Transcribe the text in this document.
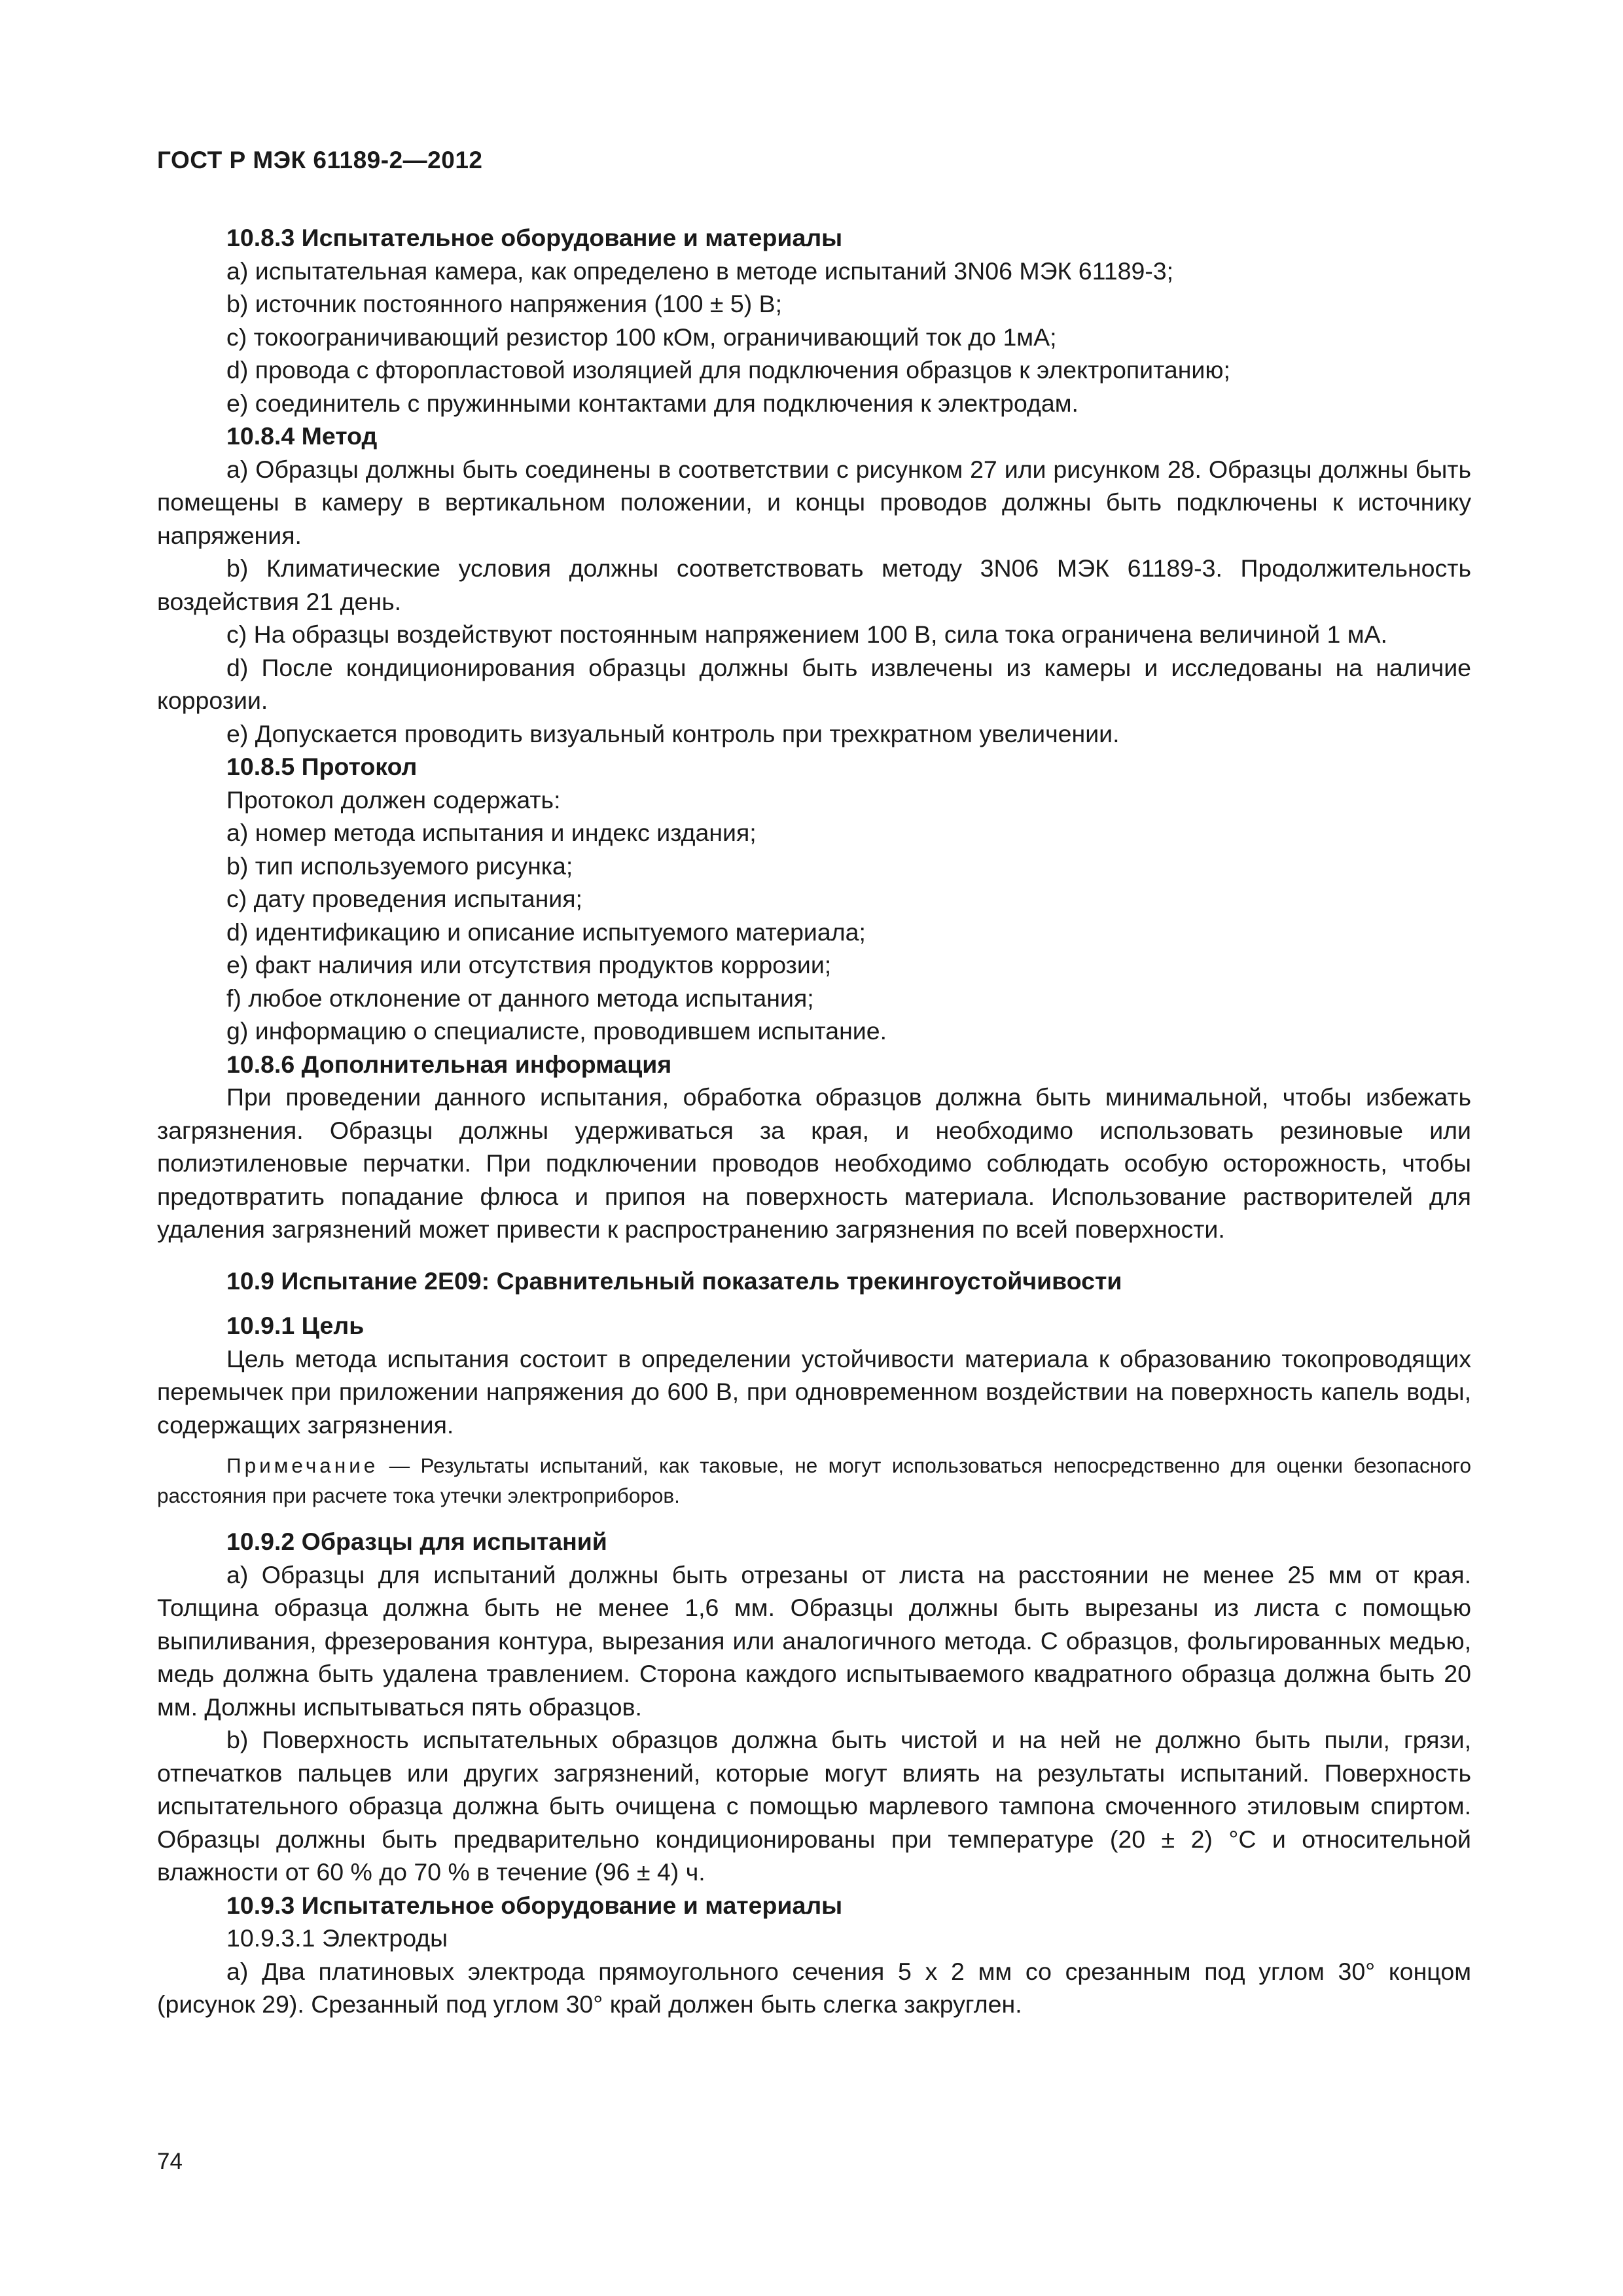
ГОСТ Р МЭК 61189-2—2012

10.8.3 Испытательное оборудование и материалы

a) испытательная камера, как определено в методе испытаний 3N06 МЭК 61189-3;

b) источник постоянного напряжения (100 ± 5) В;

c) токоограничивающий резистор 100 кОм, ограничивающий ток до 1мА;

d) провода с фторопластовой изоляцией для подключения образцов к электропитанию;

e) соединитель с пружинными контактами для подключения к электродам.

10.8.4 Метод

a) Образцы должны быть соединены в соответствии с рисунком 27 или рисунком 28. Образцы должны быть помещены в камеру в вертикальном положении, и концы проводов должны быть подключены к источнику напряжения.

b) Климатические условия должны соответствовать методу 3N06 МЭК 61189-3. Продолжительность воздействия 21 день.

c) На образцы воздействуют постоянным напряжением 100 В, сила тока ограничена величиной 1 мА.

d) После кондиционирования образцы должны быть извлечены из камеры и исследованы на наличие коррозии.

e) Допускается проводить визуальный контроль при трехкратном увеличении.

10.8.5 Протокол

Протокол должен содержать:

a) номер метода испытания и индекс издания;

b) тип используемого рисунка;

c) дату проведения испытания;

d) идентификацию и описание испытуемого материала;

e) факт наличия или отсутствия продуктов коррозии;

f) любое отклонение от данного метода испытания;

g) информацию о специалисте, проводившем испытание.

10.8.6 Дополнительная информация

При проведении данного испытания, обработка образцов должна быть минимальной, чтобы избежать загрязнения. Образцы должны удерживаться за края, и необходимо использовать резиновые или полиэтиленовые перчатки. При подключении проводов необходимо соблюдать особую осторожность, чтобы предотвратить попадание флюса и припоя на поверхность материала. Использование растворителей для удаления загрязнений может привести к распространению загрязнения по всей поверхности.

10.9 Испытание 2E09: Сравнительный показатель трекингоустойчивости

10.9.1 Цель

Цель метода испытания состоит в определении устойчивости материала к образованию токопроводящих перемычек при приложении напряжения до 600 В, при одновременном воздействии на поверхность капель воды, содержащих загрязнения.

Примечание — Результаты испытаний, как таковые, не могут использоваться непосредственно для оценки безопасного расстояния при расчете тока утечки электроприборов.

10.9.2 Образцы для испытаний

a) Образцы для испытаний должны быть отрезаны от листа на расстоянии не менее 25 мм от края. Толщина образца должна быть не менее 1,6 мм. Образцы должны быть вырезаны из листа с помощью выпиливания, фрезерования контура, вырезания или аналогичного метода. С образцов, фольгированных медью, медь должна быть удалена травлением. Сторона каждого испытываемого квадратного образца должна быть 20 мм. Должны испытываться пять образцов.

b) Поверхность испытательных образцов должна быть чистой и на ней не должно быть пыли, грязи, отпечатков пальцев или других загрязнений, которые могут влиять на результаты испытаний. Поверхность испытательного образца должна быть очищена с помощью марлевого тампона смоченного этиловым спиртом. Образцы должны быть предварительно кондиционированы при температуре (20 ± 2) °С и относительной влажности от 60 % до 70 % в течение (96 ± 4) ч.

10.9.3 Испытательное оборудование и материалы

10.9.3.1 Электроды

a) Два платиновых электрода прямоугольного сечения 5 х 2 мм со срезанным под углом 30° концом (рисунок 29). Срезанный под углом 30° край должен быть слегка закруглен.

74
